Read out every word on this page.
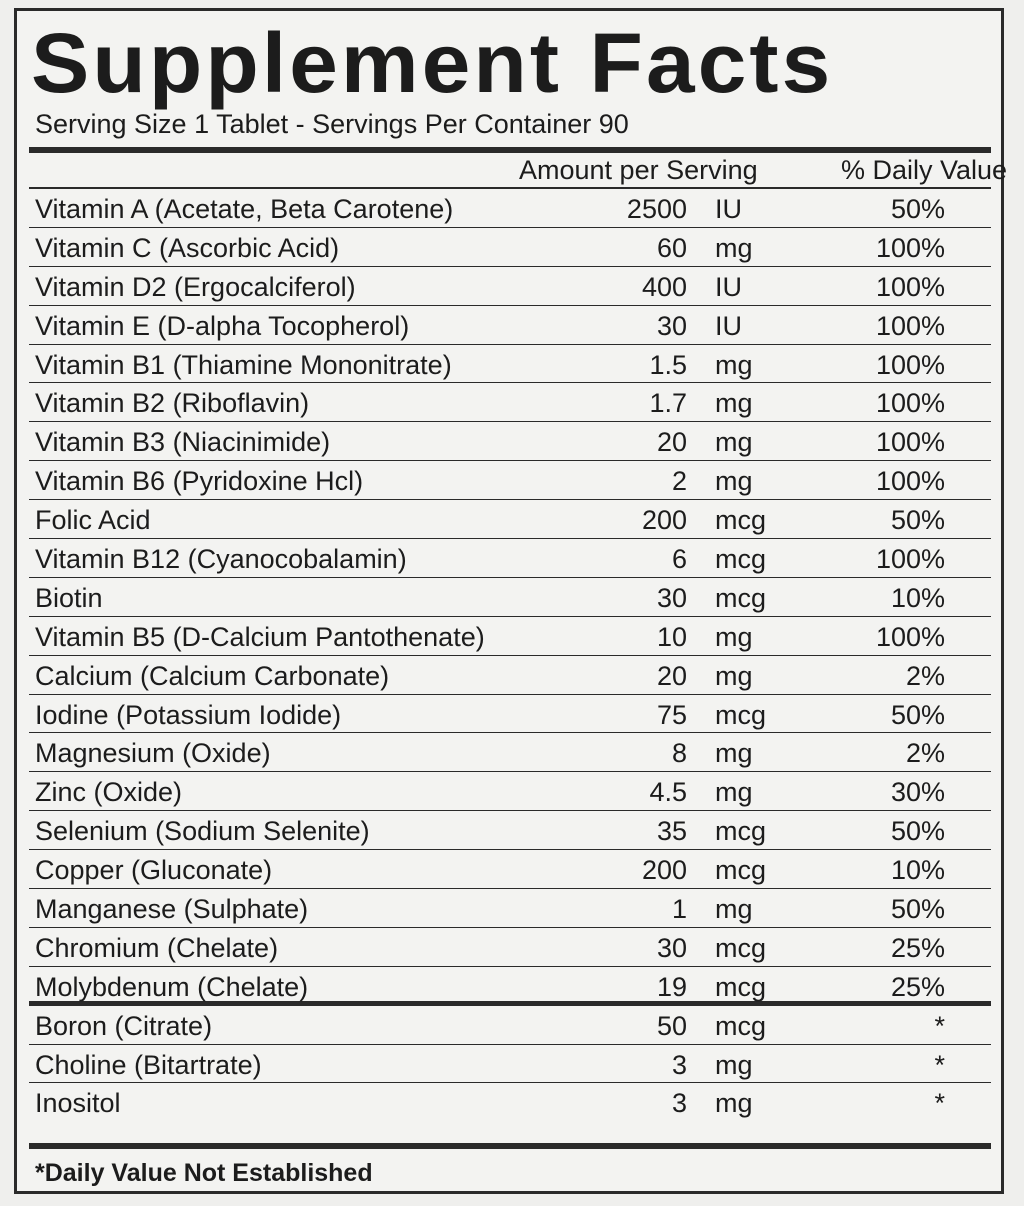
Supplement Facts
Serving Size 1 Tablet - Servings Per Container 90
Amount per Serving	% Daily Value
Vitamin A (Acetate, Beta Carotene)	2500 IU	50%
Vitamin C (Ascorbic Acid)	60 mg	100%
Vitamin D2 (Ergocalciferol)	400 IU	100%
Vitamin E (D-alpha Tocopherol)	30 IU	100%
Vitamin B1 (Thiamine Mononitrate)	1.5 mg	100%
Vitamin B2 (Riboflavin)	1.7 mg	100%
Vitamin B3 (Niacinimide)	20 mg	100%
Vitamin B6 (Pyridoxine Hcl)	2 mg	100%
Folic Acid	200 mcg	50%
Vitamin B12 (Cyanocobalamin)	6 mcg	100%
Biotin	30 mcg	10%
Vitamin B5 (D-Calcium Pantothenate)	10 mg	100%
Calcium (Calcium Carbonate)	20 mg	2%
Iodine (Potassium Iodide)	75 mcg	50%
Magnesium (Oxide)	8 mg	2%
Zinc (Oxide)	4.5 mg	30%
Selenium (Sodium Selenite)	35 mcg	50%
Copper (Gluconate)	200 mcg	10%
Manganese (Sulphate)	1 mg	50%
Chromium (Chelate)	30 mcg	25%
Molybdenum (Chelate)	19 mcg	25%
Boron (Citrate)	50 mcg	*
Choline (Bitartrate)	3 mg	*
Inositol	3 mg	*
*Daily Value Not Established
